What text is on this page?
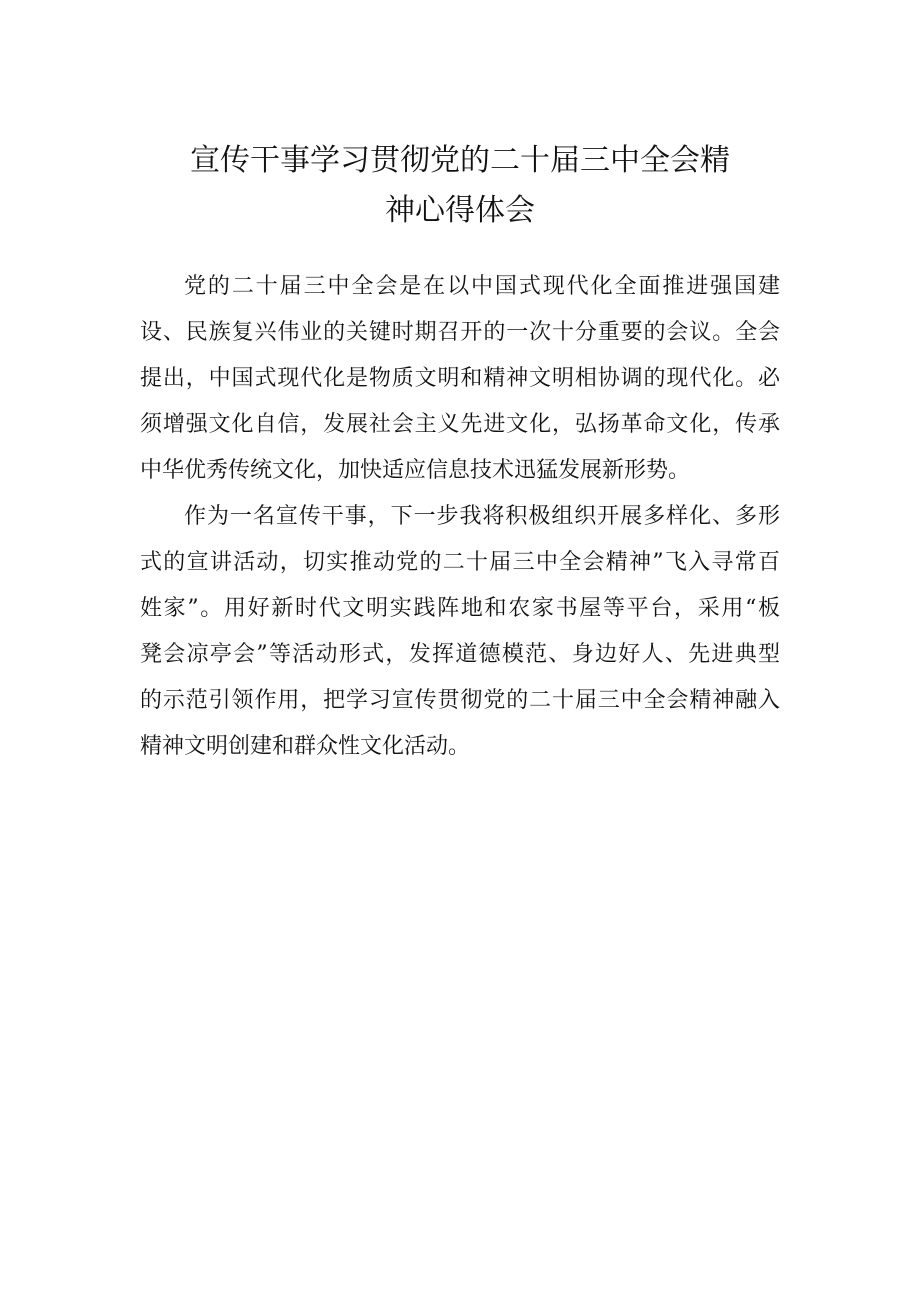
宣传干事学习贯彻党的二十届三中全会精
神心得体会

党的二十届三中全会是在以中国式现代化全面推进强国建
设、民族复兴伟业的关键时期召开的一次十分重要的会议。全会
提出，中国式现代化是物质文明和精神文明相协调的现代化。必
须增强文化自信，发展社会主义先进文化，弘扬革命文化，传承
中华优秀传统文化，加快适应信息技术迅猛发展新形势。

作为一名宣传干事，下一步我将积极组织开展多样化、多形
式的宣讲活动，切实推动党的二十届三中全会精神”飞入寻常百
姓家”。用好新时代文明实践阵地和农家书屋等平台，采用“板
凳会凉亭会”等活动形式，发挥道德模范、身边好人、先进典型
的示范引领作用，把学习宣传贯彻党的二十届三中全会精神融入
精神文明创建和群众性文化活动。
